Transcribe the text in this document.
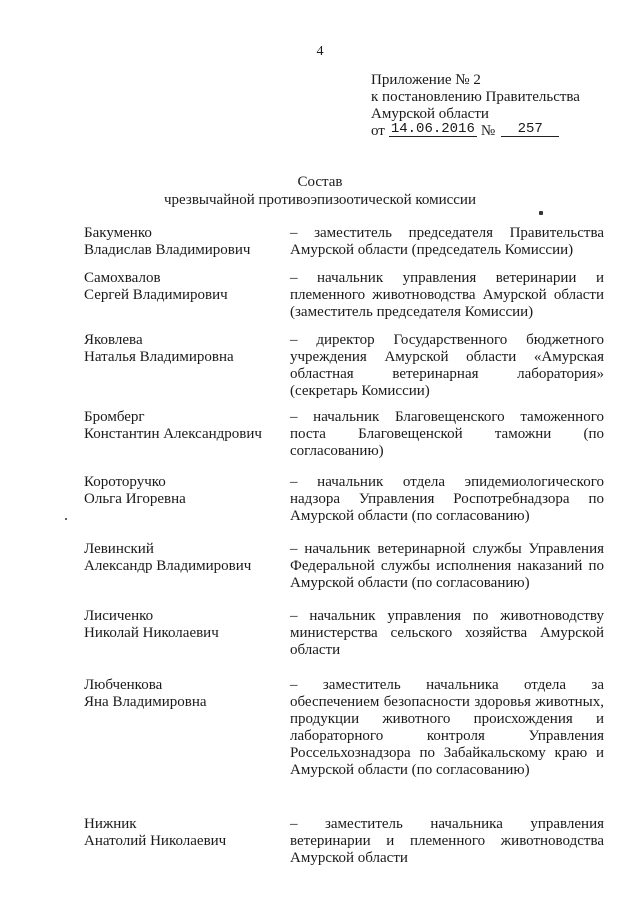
4
Приложение № 2
к постановлению Правительства
Амурской области
от 14.06.2016 №	257
Состав
чрезвычайной противоэпизоотической комиссии
Бакуменко
Владислав Владимирович
– заместитель председателя Правительства Амурской области (председатель Комиссии)
Самохвалов
Сергей Владимирович
– начальник управления ветеринарии и племенного животноводства Амурской области (заместитель председателя Комиссии)
Яковлева
Наталья Владимировна
– директор Государственного бюджетного учреждения Амурской области «Амурская областная ветеринарная лаборатория» (секретарь Комиссии)
Бромберг
Константин Александрович
– начальник Благовещенского таможенного поста Благовещенской таможни (по согласованию)
Короторучко
Ольга Игоревна
– начальник отдела эпидемиологического надзора Управления Роспотребнадзора по Амурской области (по согласованию)
Левинский
Александр Владимирович
– начальник ветеринарной службы Управления Федеральной службы исполнения наказаний по Амурской области (по согласованию)
Лисиченко
Николай Николаевич
– начальник управления по животноводству министерства сельского хозяйства Амурской области
Любченкова
Яна Владимировна
– заместитель начальника отдела за обеспечением безопасности здоровья животных, продукции животного происхождения и лабораторного контроля Управления Россельхознадзора по Забайкальскому краю и Амурской области (по согласованию)
Нижник
Анатолий Николаевич
– заместитель начальника управления ветеринарии и племенного животноводства Амурской области
